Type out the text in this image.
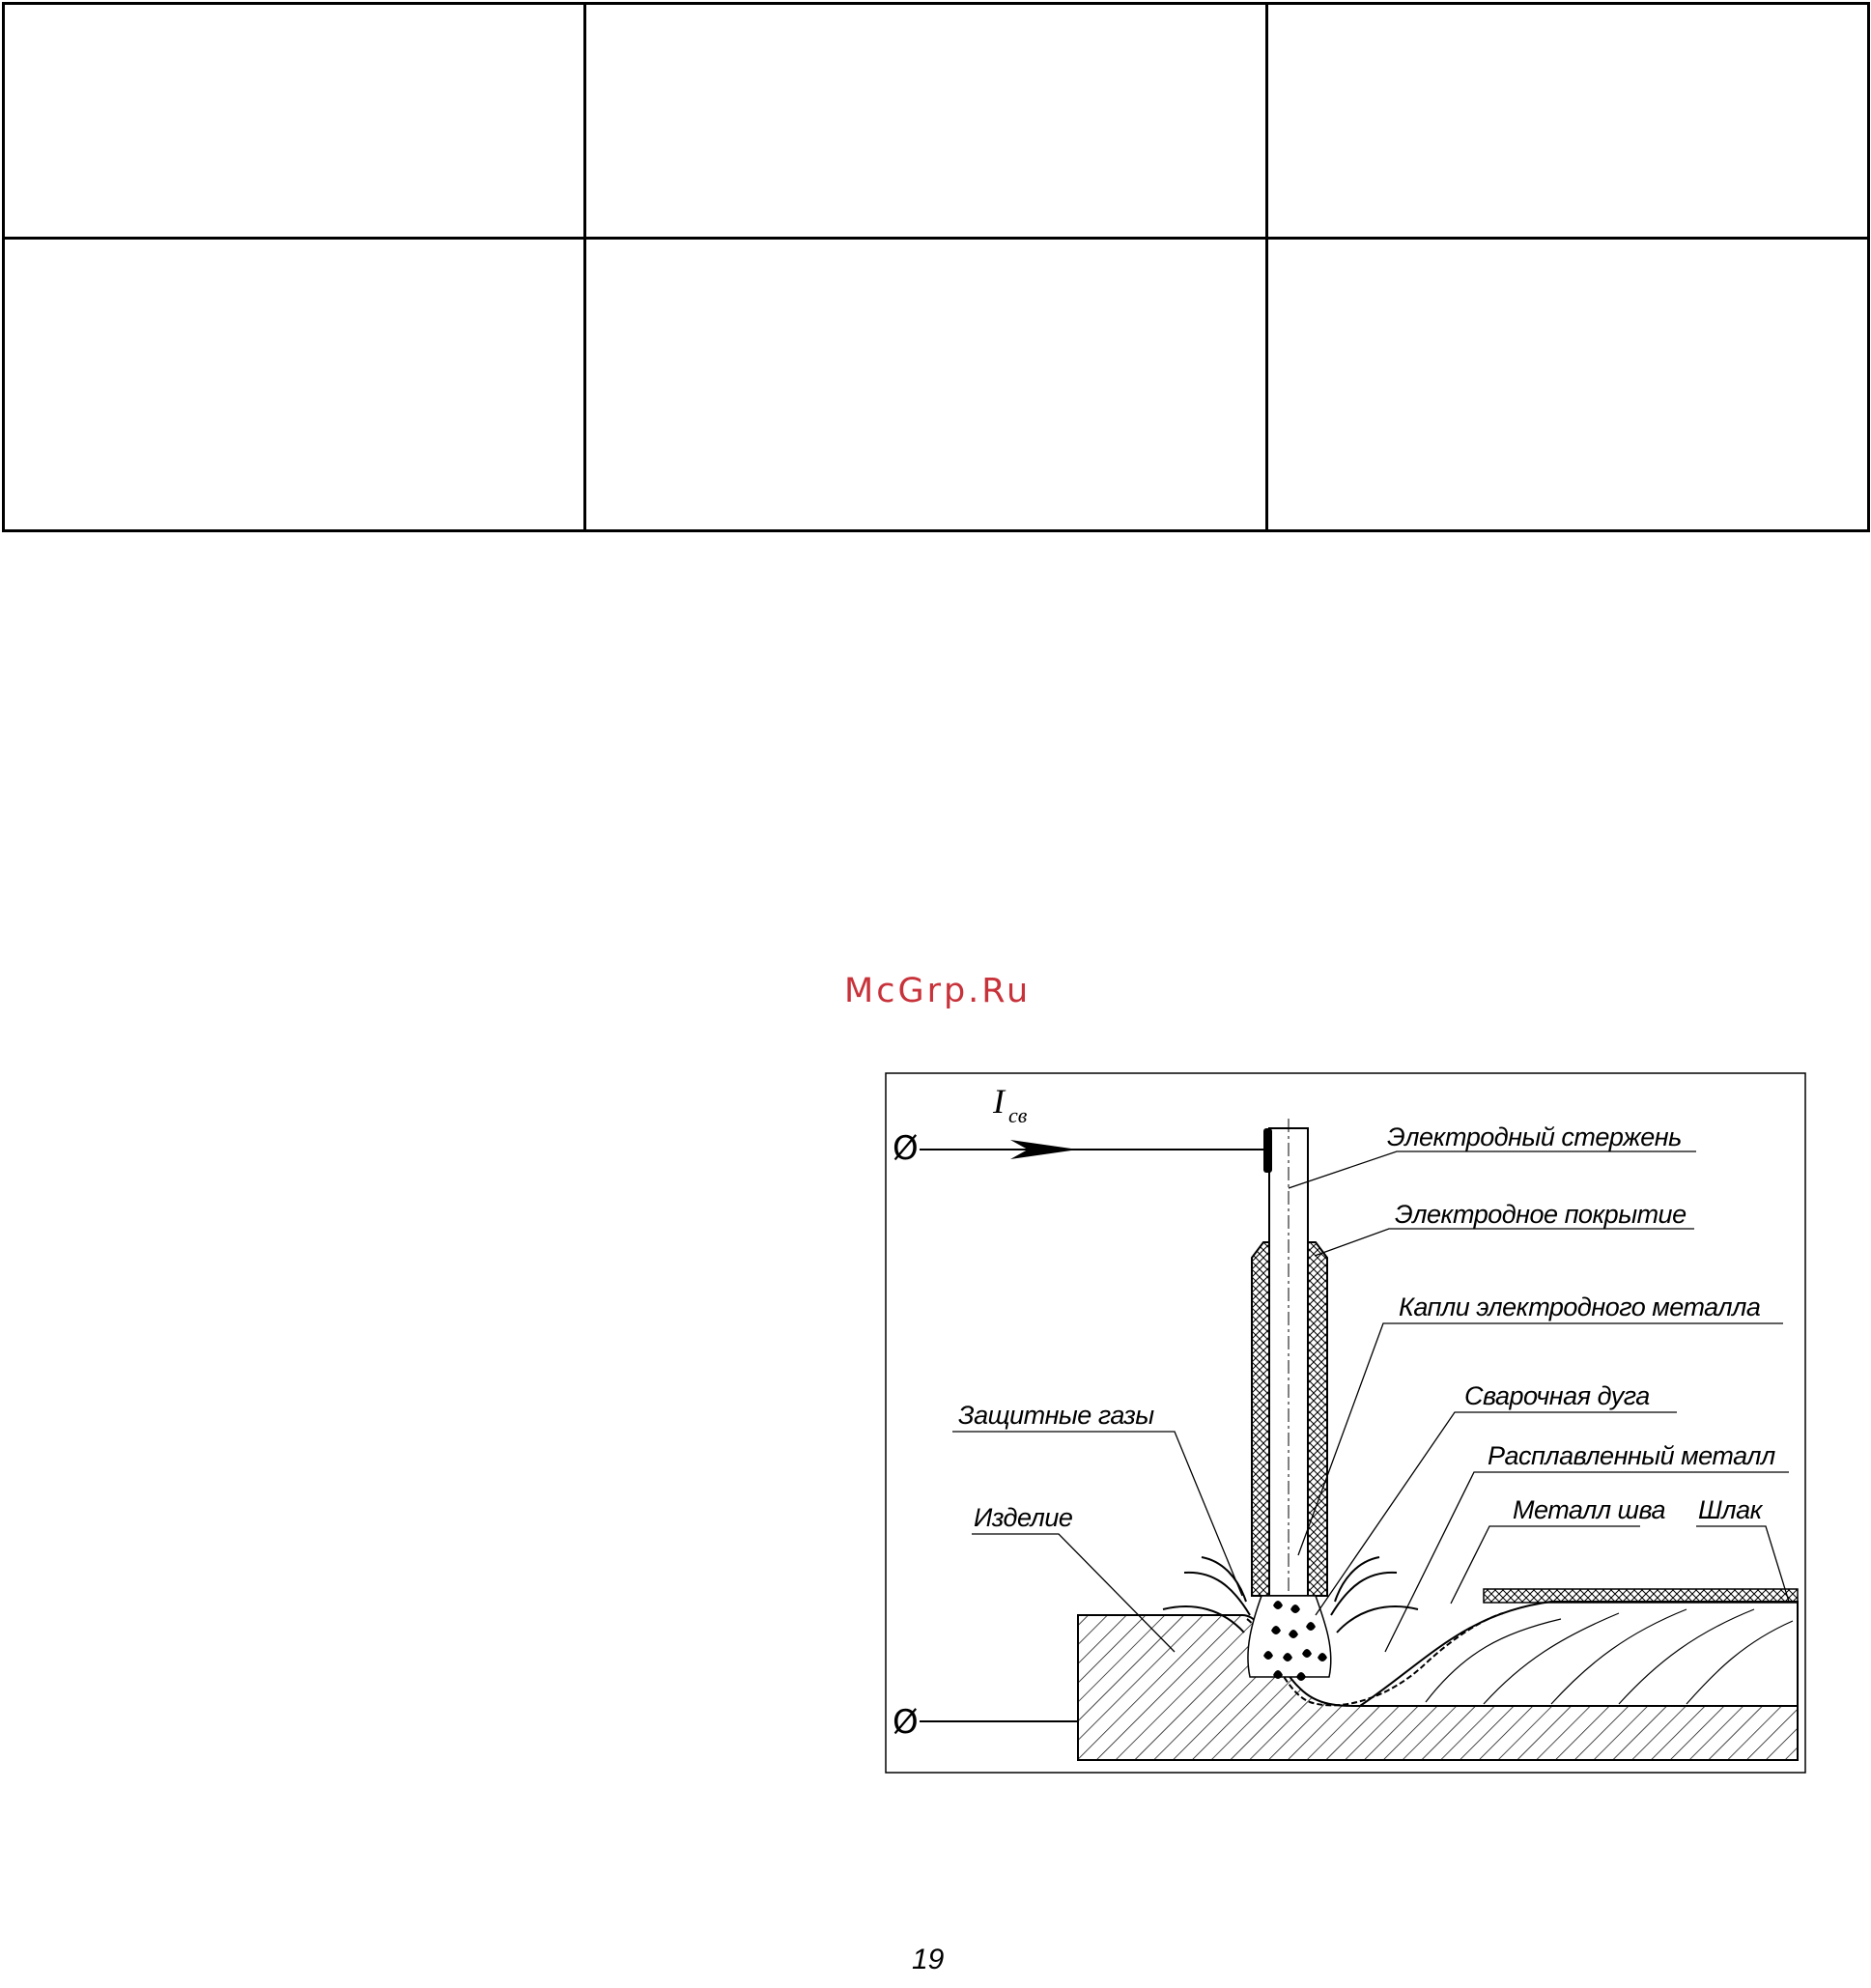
McGrp.Ru
Ø
Ø
I св
Электродный стержень
Электродное покрытие
Капли электродного металла
Сварочная дуга
Защитные газы
Расплавленный металл
Изделие	Металл шва Шлак
19
